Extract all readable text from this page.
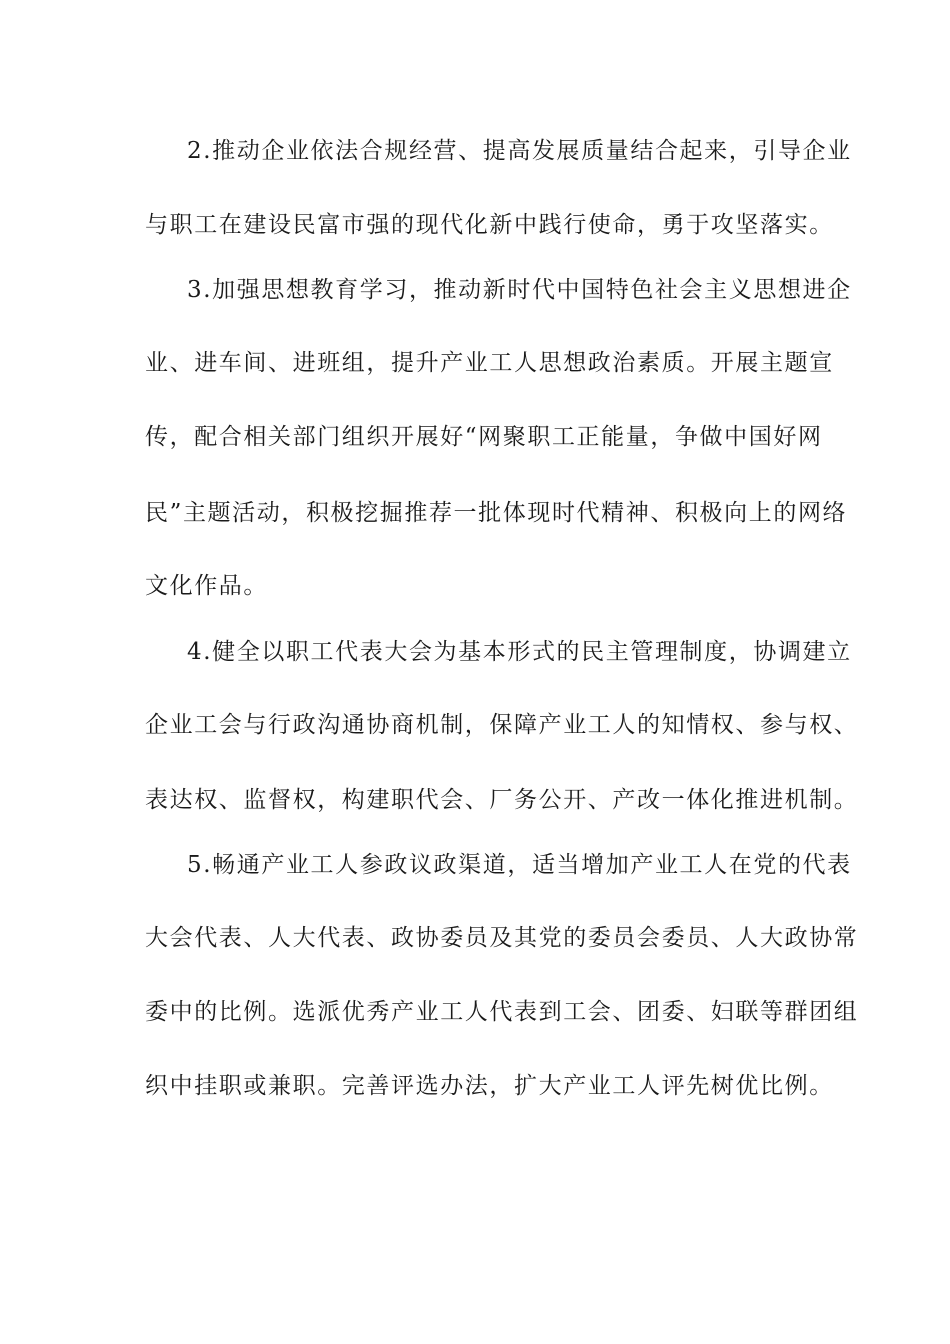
2.推动企业依法合规经营、提高发展质量结合起来，引导企业
与职工在建设民富市强的现代化新中践行使命，勇于攻坚落实。
3.加强思想教育学习，推动新时代中国特色社会主义思想进企
业、进车间、进班组，提升产业工人思想政治素质。开展主题宣
传，配合相关部门组织开展好“网聚职工正能量，争做中国好网
民”主题活动，积极挖掘推荐一批体现时代精神、积极向上的网络
文化作品。
4.健全以职工代表大会为基本形式的民主管理制度，协调建立
企业工会与行政沟通协商机制，保障产业工人的知情权、参与权、
表达权、监督权，构建职代会、厂务公开、产改一体化推进机制。
5.畅通产业工人参政议政渠道，适当增加产业工人在党的代表
大会代表、人大代表、政协委员及其党的委员会委员、人大政协常
委中的比例。选派优秀产业工人代表到工会、团委、妇联等群团组
织中挂职或兼职。完善评选办法，扩大产业工人评先树优比例。
